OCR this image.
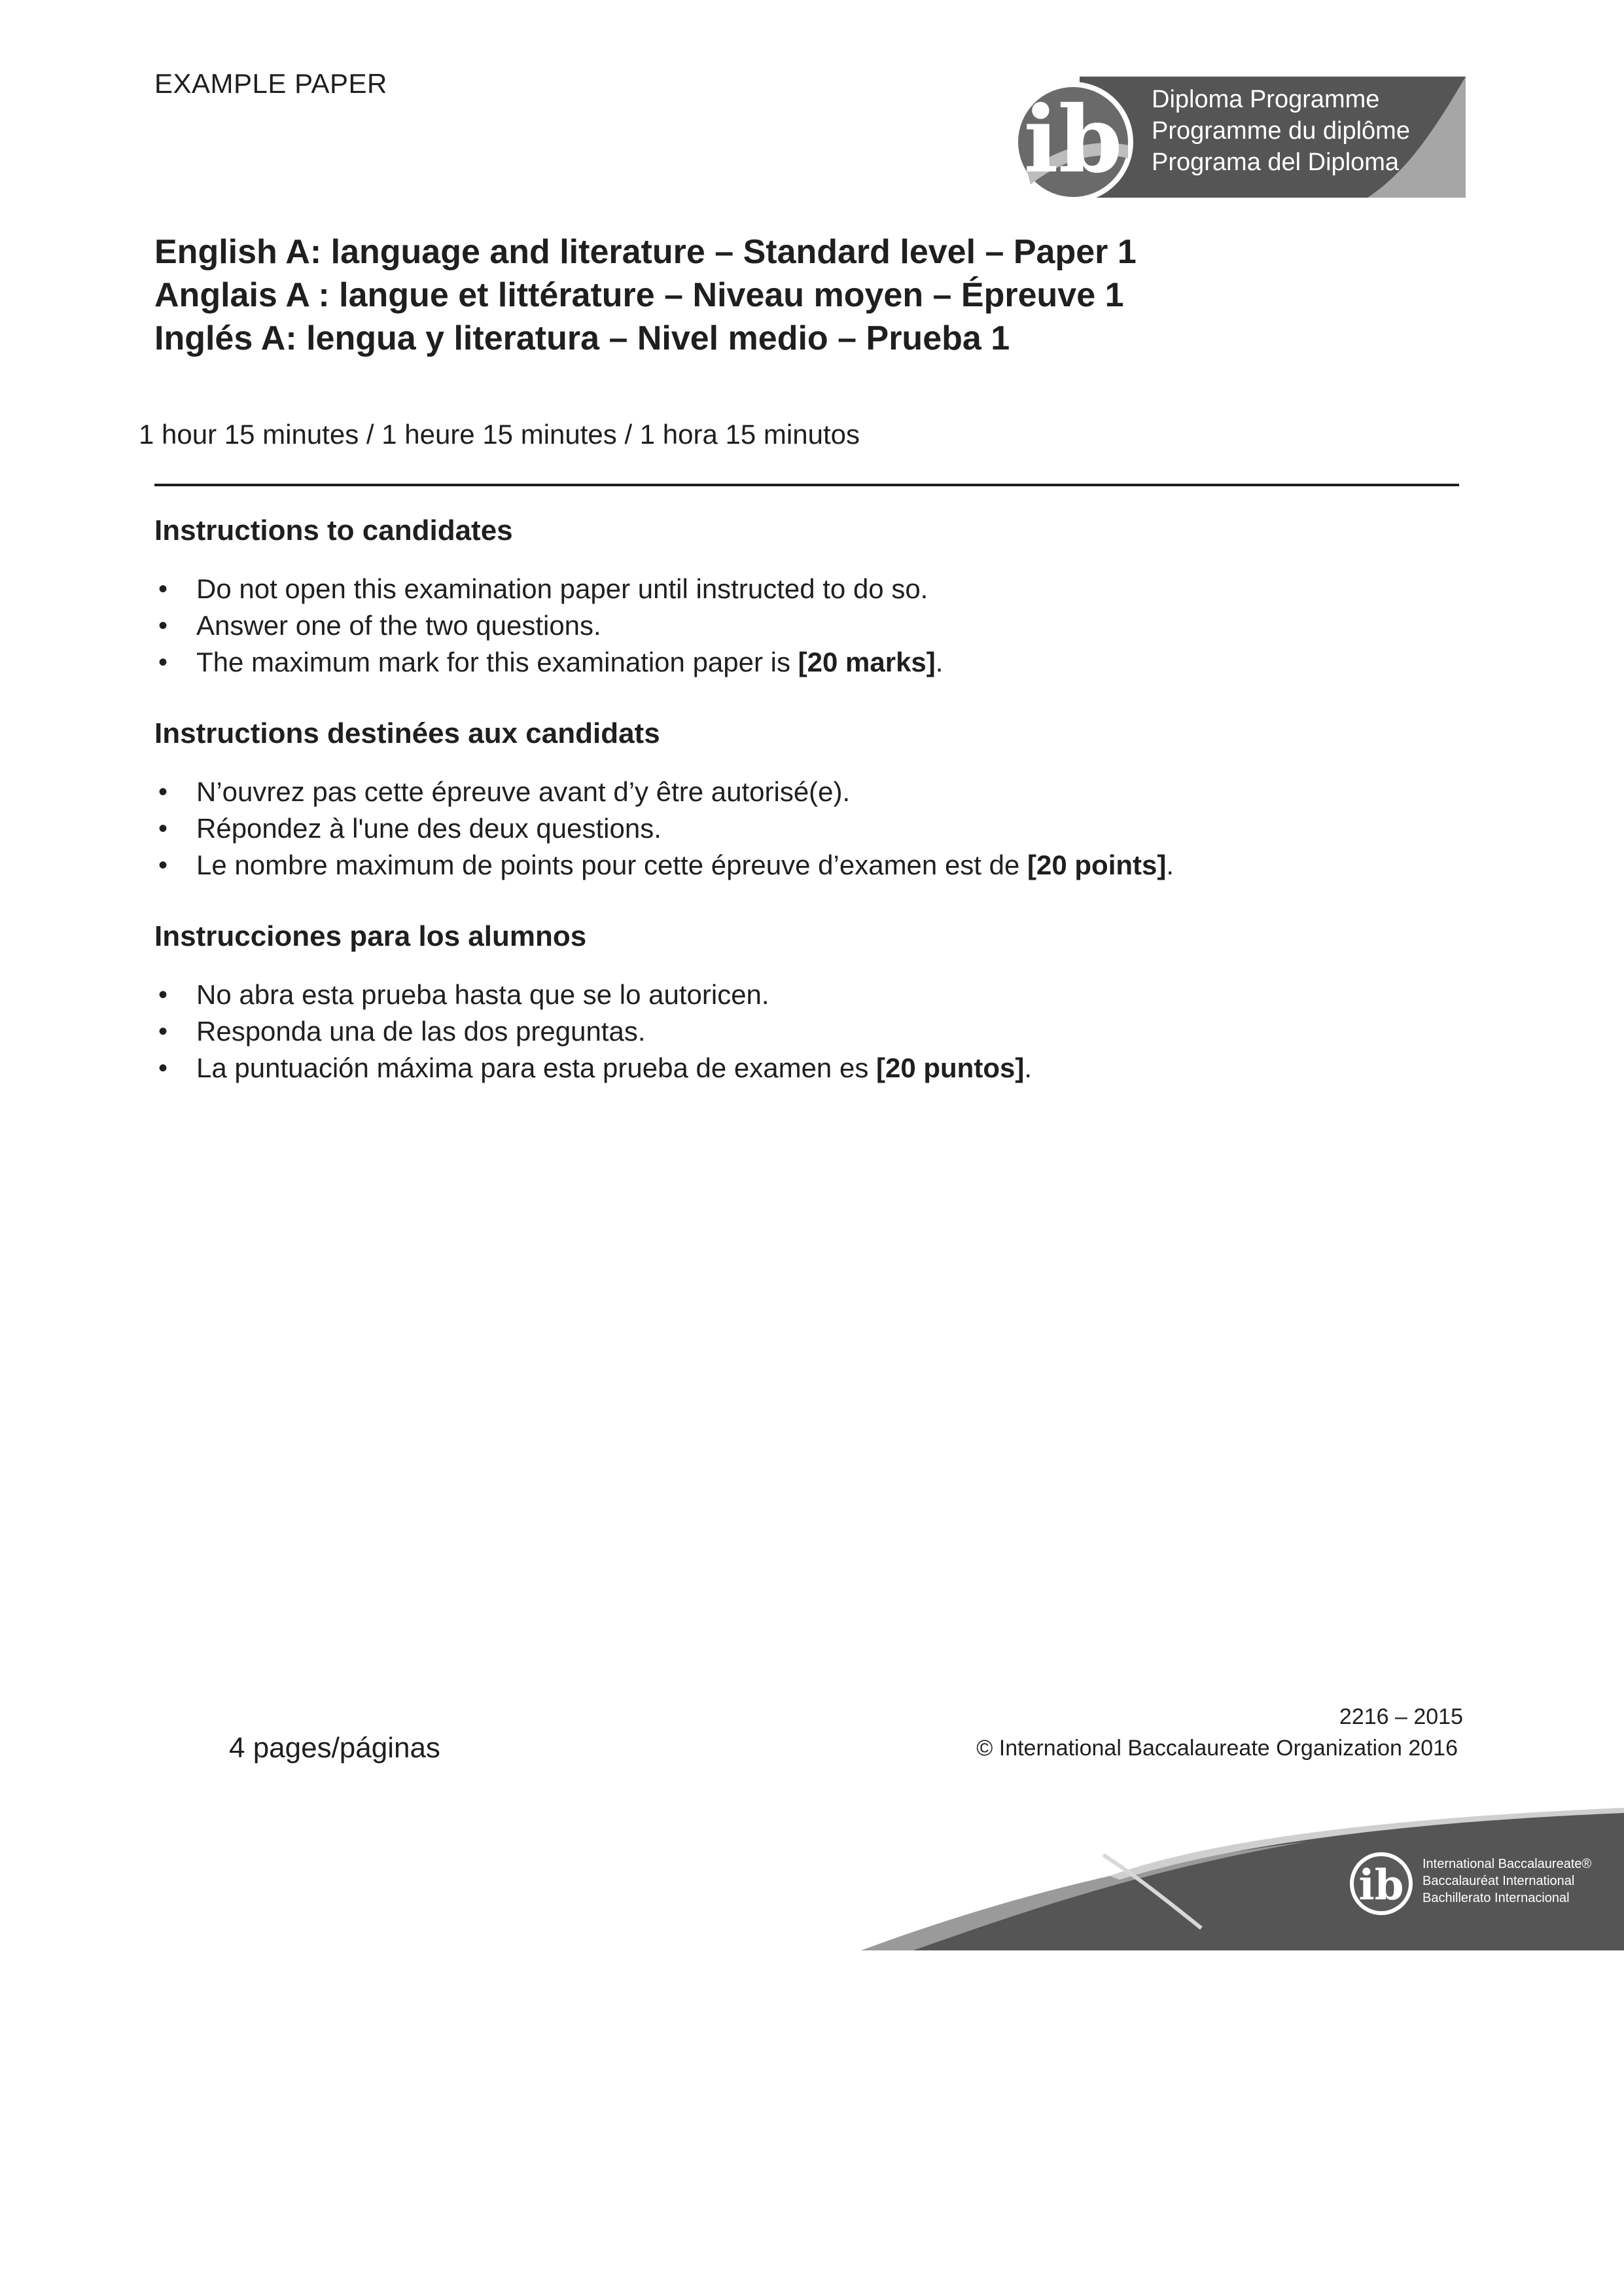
EXAMPLE PAPER
ib Diploma Programme
Programme du diplôme
Programa del Diploma
English A: language and literature – Standard level – Paper 1
Anglais A : langue et littérature – Niveau moyen – Épreuve 1
Inglés A: lengua y literatura – Nivel medio – Prueba 1
1 hour 15 minutes / 1 heure 15 minutes / 1 hora 15 minutos
Instructions to candidates
• Do not open this examination paper until instructed to do so.
• Answer one of the two questions.
• The maximum mark for this examination paper is [20 marks].
Instructions destinées aux candidats
• N’ouvrez pas cette épreuve avant d’y être autorisé(e).
• Répondez à l'une des deux questions.
• Le nombre maximum de points pour cette épreuve d’examen est de [20 points].
Instrucciones para los alumnos
• No abra esta prueba hasta que se lo autoricen.
• Responda una de las dos preguntas.
• La puntuación máxima para esta prueba de examen es [20 puntos].
4 pages/páginas
2216 – 2015
© International Baccalaureate Organization 2016
ib International Baccalaureate®
Baccalauréat International
Bachillerato Internacional
